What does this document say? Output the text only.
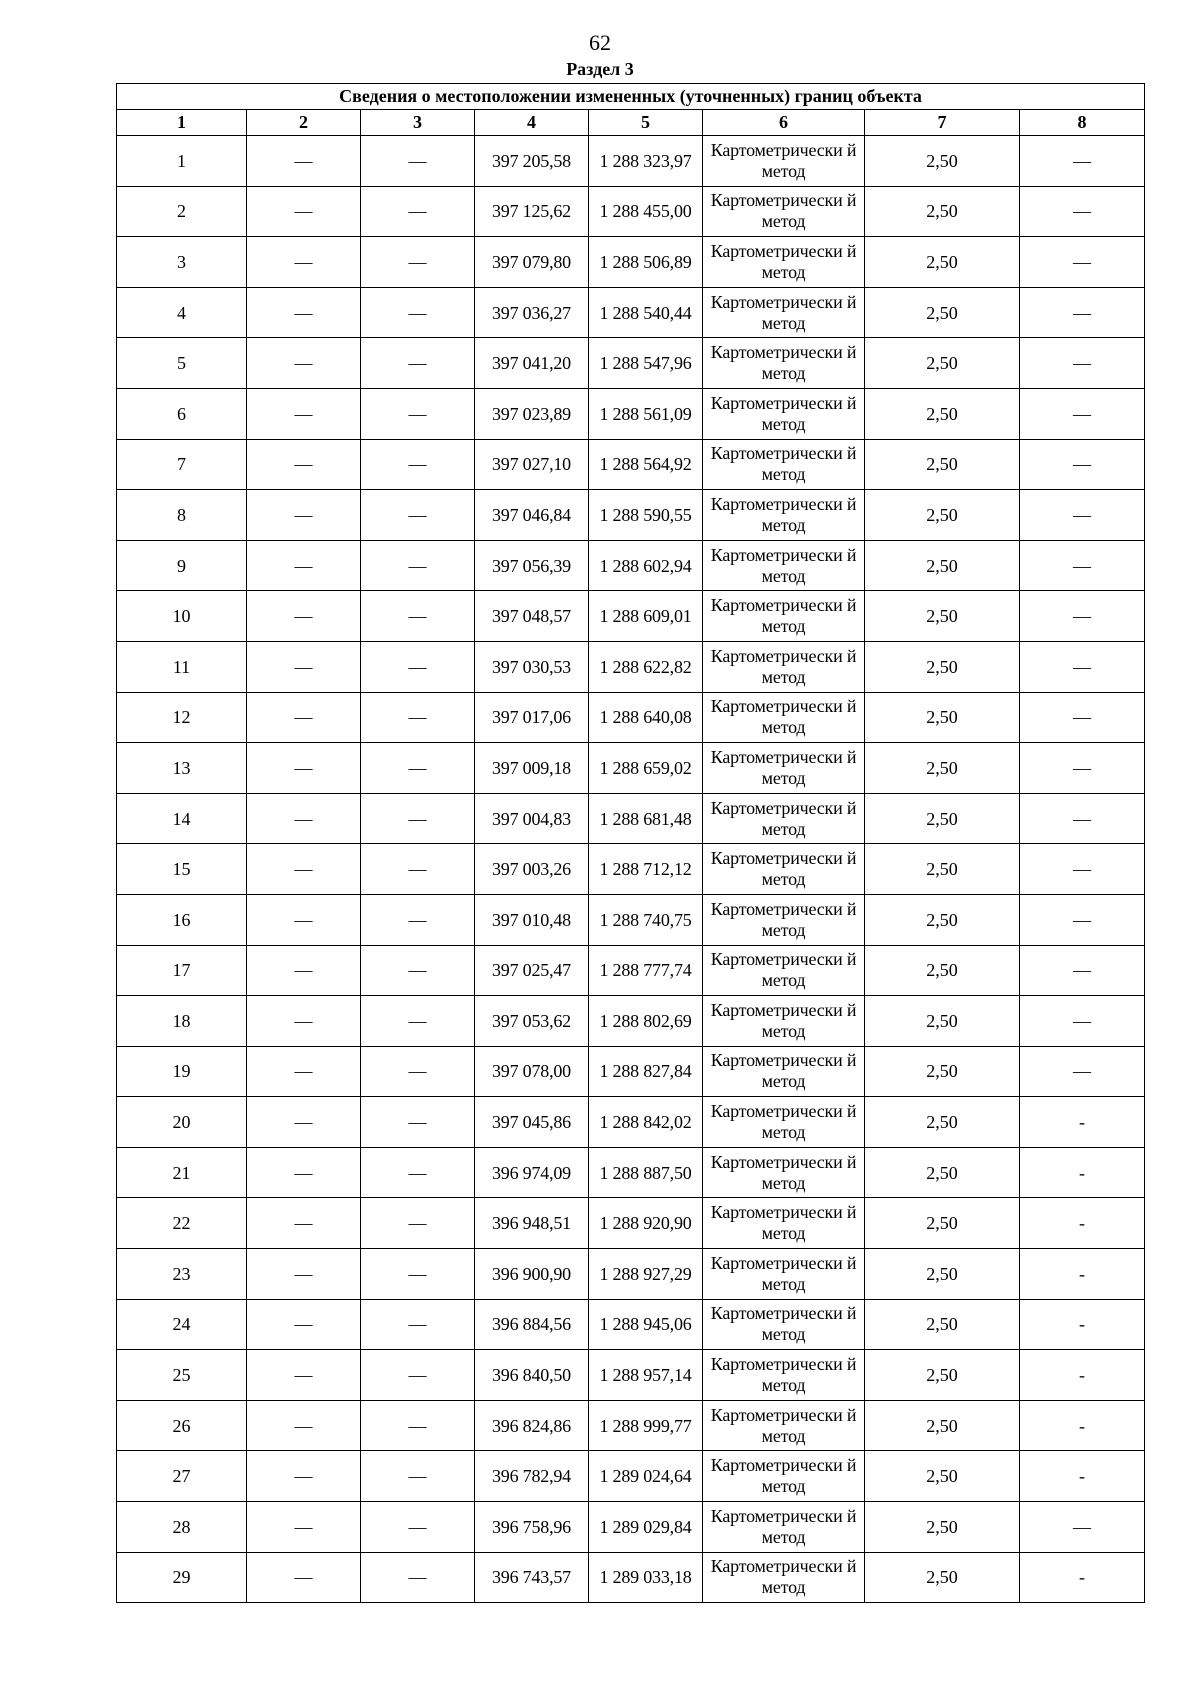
62
Раздел 3
Сведения о местоположении измененных (уточненных) границ объекта							
1	2	3	4	5	6	7	8
1	—	—	397 205,58	1 288 323,97	Картометрически й метод	2,50	—
2	—	—	397 125,62	1 288 455,00	Картометрически й метод	2,50	—
3	—	—	397 079,80	1 288 506,89	Картометрически й метод	2,50	—
4	—	—	397 036,27	1 288 540,44	Картометрически й метод	2,50	—
5	—	—	397 041,20	1 288 547,96	Картометрически й метод	2,50	—
6	—	—	397 023,89	1 288 561,09	Картометрически й метод	2,50	—
7	—	—	397 027,10	1 288 564,92	Картометрически й метод	2,50	—
8	—	—	397 046,84	1 288 590,55	Картометрически й метод	2,50	—
9	—	—	397 056,39	1 288 602,94	Картометрически й метод	2,50	—
10	—	—	397 048,57	1 288 609,01	Картометрически й метод	2,50	—
11	—	—	397 030,53	1 288 622,82	Картометрически й метод	2,50	—
12	—	—	397 017,06	1 288 640,08	Картометрически й метод	2,50	—
13	—	—	397 009,18	1 288 659,02	Картометрически й метод	2,50	—
14	—	—	397 004,83	1 288 681,48	Картометрически й метод	2,50	—
15	—	—	397 003,26	1 288 712,12	Картометрически й метод	2,50	—
16	—	—	397 010,48	1 288 740,75	Картометрически й метод	2,50	—
17	—	—	397 025,47	1 288 777,74	Картометрически й метод	2,50	—
18	—	—	397 053,62	1 288 802,69	Картометрически й метод	2,50	—
19	—	—	397 078,00	1 288 827,84	Картометрически й метод	2,50	—
20	—	—	397 045,86	1 288 842,02	Картометрически й метод	2,50	-
21	—	—	396 974,09	1 288 887,50	Картометрически й метод	2,50	-
22	—	—	396 948,51	1 288 920,90	Картометрически й метод	2,50	-
23	—	—	396 900,90	1 288 927,29	Картометрически й метод	2,50	-
24	—	—	396 884,56	1 288 945,06	Картометрически й метод	2,50	-
25	—	—	396 840,50	1 288 957,14	Картометрически й метод	2,50	-
26	—	—	396 824,86	1 288 999,77	Картометрически й метод	2,50	-
27	—	—	396 782,94	1 289 024,64	Картометрически й метод	2,50	-
28	—	—	396 758,96	1 289 029,84	Картометрически й метод	2,50	—
29	—	—	396 743,57	1 289 033,18	Картометрически й метод	2,50	-
